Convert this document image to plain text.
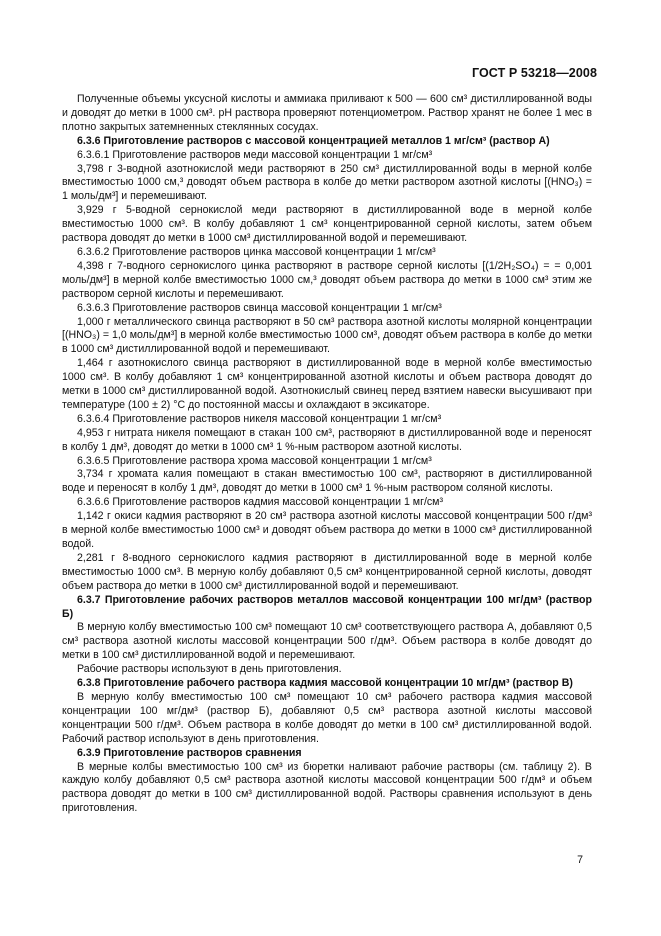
ГОСТ Р 53218—2008

Полученные объемы уксусной кислоты и аммиака приливают к 500 — 600 см³ дистиллированной воды и доводят до метки в 1000 см³. pH раствора проверяют потенциометром. Раствор хранят не более 1 мес в плотно закрытых затемненных стеклянных сосудах.

6.3.6 Приготовление растворов с массовой концентрацией металлов 1 мг/см³ (раствор А)

6.3.6.1 Приготовление растворов меди массовой концентрации 1 мг/см³

3,798 г 3-водной азотнокислой меди растворяют в 250 см³ дистиллированной воды в мерной колбе вместимостью 1000 см,³ доводят объем раствора в колбе до метки раствором азотной кислоты [(HNO₃) = 1 моль/дм³] и перемешивают.

3,929 г 5-водной сернокислой меди растворяют в дистиллированной воде в мерной колбе вместимостью 1000 см³. В колбу добавляют 1 см³ концентрированной серной кислоты, затем объем раствора доводят до метки в 1000 см³ дистиллированной водой и перемешивают.

6.3.6.2 Приготовление растворов цинка массовой концентрации 1 мг/см³

4,398 г 7-водного сернокислого цинка растворяют в растворе серной кислоты [(1/2H₂SO₄) = = 0,001 моль/дм³] в мерной колбе вместимостью 1000 см,³ доводят объем раствора до метки в 1000 см³ этим же раствором серной кислоты и перемешивают.

6.3.6.3 Приготовление растворов свинца массовой концентрации 1 мг/см³

1,000 г металлического свинца растворяют в 50 см³ раствора азотной кислоты молярной концентрации [(HNO₃) = 1,0 моль/дм³] в мерной колбе вместимостью 1000 см³, доводят объем раствора в колбе до метки в 1000 см³ дистиллированной водой и перемешивают.

1,464 г азотнокислого свинца растворяют в дистиллированной воде в мерной колбе вместимостью 1000 см³. В колбу добавляют 1 см³ концентрированной азотной кислоты и объем раствора доводят до метки в 1000 см³ дистиллированной водой. Азотнокислый свинец перед взятием навески высушивают при температуре (100 ± 2) °С до постоянной массы и охлаждают в эксикаторе.

6.3.6.4 Приготовление растворов никеля массовой концентрации 1 мг/см³

4,953 г нитрата никеля помещают в стакан 100 см³, растворяют в дистиллированной воде и переносят в колбу 1 дм³, доводят до метки в 1000 см³ 1 %-ным раствором азотной кислоты.

6.3.6.5 Приготовление раствора хрома массовой концентрации 1 мг/см³

3,734 г хромата калия помещают в стакан вместимостью 100 см³, растворяют в дистиллированной воде и переносят в колбу 1 дм³, доводят до метки в 1000 см³ 1 %-ным раствором соляной кислоты.

6.3.6.6 Приготовление растворов кадмия массовой концентрации 1 мг/см³

1,142 г окиси кадмия растворяют в 20 см³ раствора азотной кислоты массовой концентрации 500 г/дм³ в мерной колбе вместимостью 1000 см³ и доводят объем раствора до метки в 1000 см³ дистиллированной водой.

2,281 г 8-водного сернокислого кадмия растворяют в дистиллированной воде в мерной колбе вместимостью 1000 см³. В мерную колбу добавляют 0,5 см³ концентрированной серной кислоты, доводят объем раствора до метки в 1000 см³ дистиллированной водой и перемешивают.

6.3.7 Приготовление рабочих растворов металлов массовой концентрации 100 мг/дм³ (раствор Б)

В мерную колбу вместимостью 100 см³ помещают 10 см³ соответствующего раствора А, добавляют 0,5 см³ раствора азотной кислоты массовой концентрации 500 г/дм³. Объем раствора в колбе доводят до метки в 100 см³ дистиллированной водой и перемешивают.

Рабочие растворы используют в день приготовления.

6.3.8 Приготовление рабочего раствора кадмия массовой концентрации 10 мг/дм³ (раствор В)

В мерную колбу вместимостью 100 см³ помещают 10 см³ рабочего раствора кадмия массовой концентрации 100 мг/дм³ (раствор Б), добавляют 0,5 см³ раствора азотной кислоты массовой концентрации 500 г/дм³. Объем раствора в колбе доводят до метки в 100 см³ дистиллированной водой. Рабочий раствор используют в день приготовления.

6.3.9 Приготовление растворов сравнения

В мерные колбы вместимостью 100 см³ из бюретки наливают рабочие растворы (см. таблицу 2). В каждую колбу добавляют 0,5 см³ раствора азотной кислоты массовой концентрации 500 г/дм³ и объем раствора доводят до метки в 100 см³ дистиллированной водой. Растворы сравнения используют в день приготовления.

7
